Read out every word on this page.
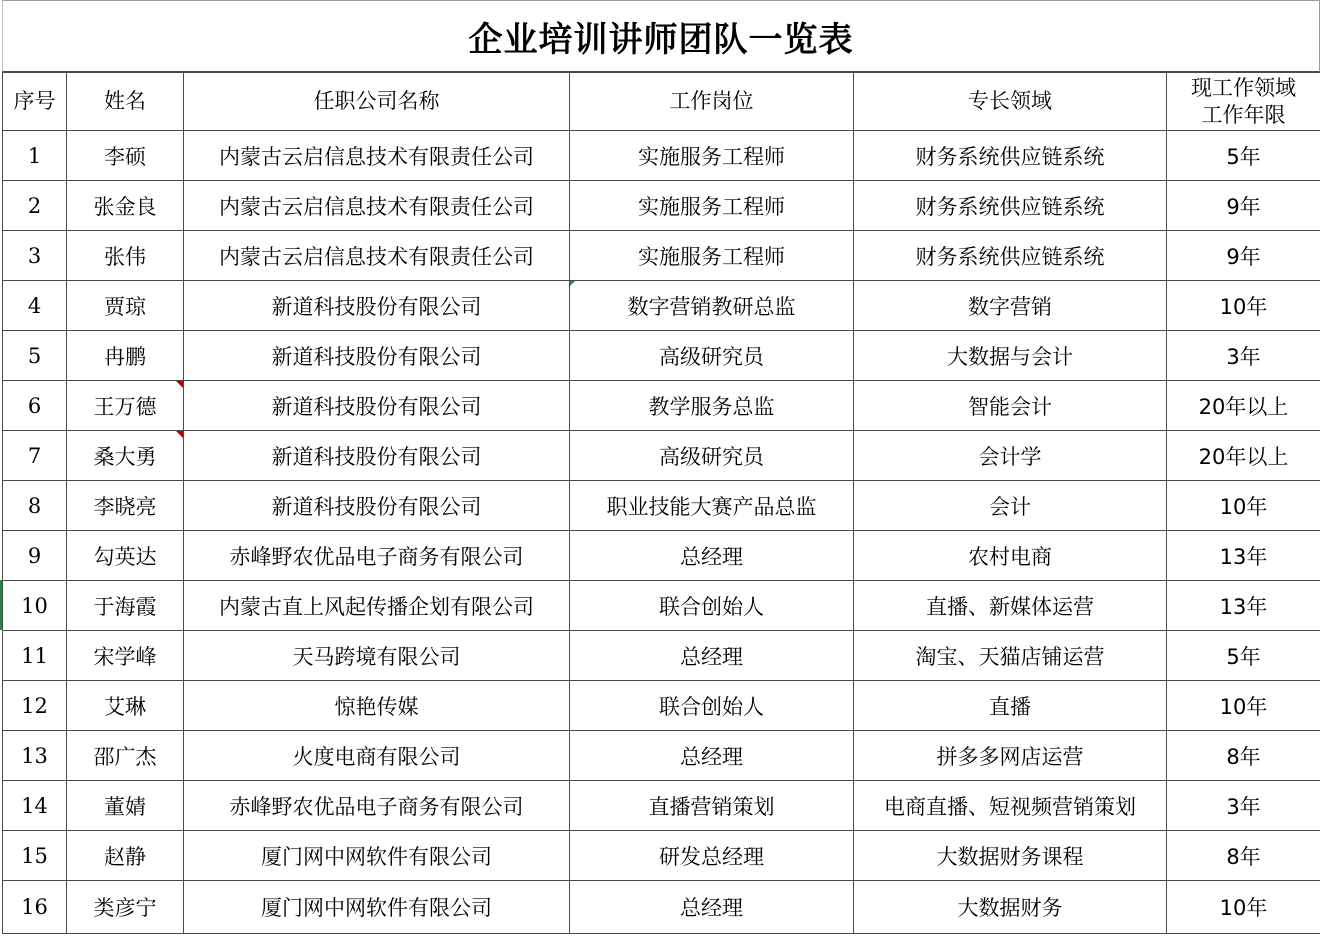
企业培训讲师团队一览表
序号	姓名	任职公司名称	工作岗位	专长领域	现工作领域
工作年限
1	李硕	内蒙古云启信息技术有限责任公司	实施服务工程师	财务系统供应链系统	5年
2	张金良	内蒙古云启信息技术有限责任公司	实施服务工程师	财务系统供应链系统	9年
3	张伟	内蒙古云启信息技术有限责任公司	实施服务工程师	财务系统供应链系统	9年
4	贾琼	新道科技股份有限公司	数字营销教研总监	数字营销	10年
5	冉鹏	新道科技股份有限公司	高级研究员	大数据与会计	3年
6	王万德	新道科技股份有限公司	教学服务总监	智能会计	20年以上
7	桑大勇	新道科技股份有限公司	高级研究员	会计学	20年以上
8	李晓亮	新道科技股份有限公司	职业技能大赛产品总监	会计	10年
9	勾英达	赤峰野农优品电子商务有限公司	总经理	农村电商	13年
10	于海霞	内蒙古直上风起传播企划有限公司	联合创始人	直播、新媒体运营	13年
11	宋学峰	天马跨境有限公司	总经理	淘宝、天猫店铺运营	5年
12	艾琳	惊艳传媒	联合创始人	直播	10年
13	邵广杰	火度电商有限公司	总经理	拼多多网店运营	8年
14	董婧	赤峰野农优品电子商务有限公司	直播营销策划	电商直播、短视频营销策划	3年
15	赵静	厦门网中网软件有限公司	研发总经理	大数据财务课程	8年
16	类彦宁	厦门网中网软件有限公司	总经理	大数据财务	10年
